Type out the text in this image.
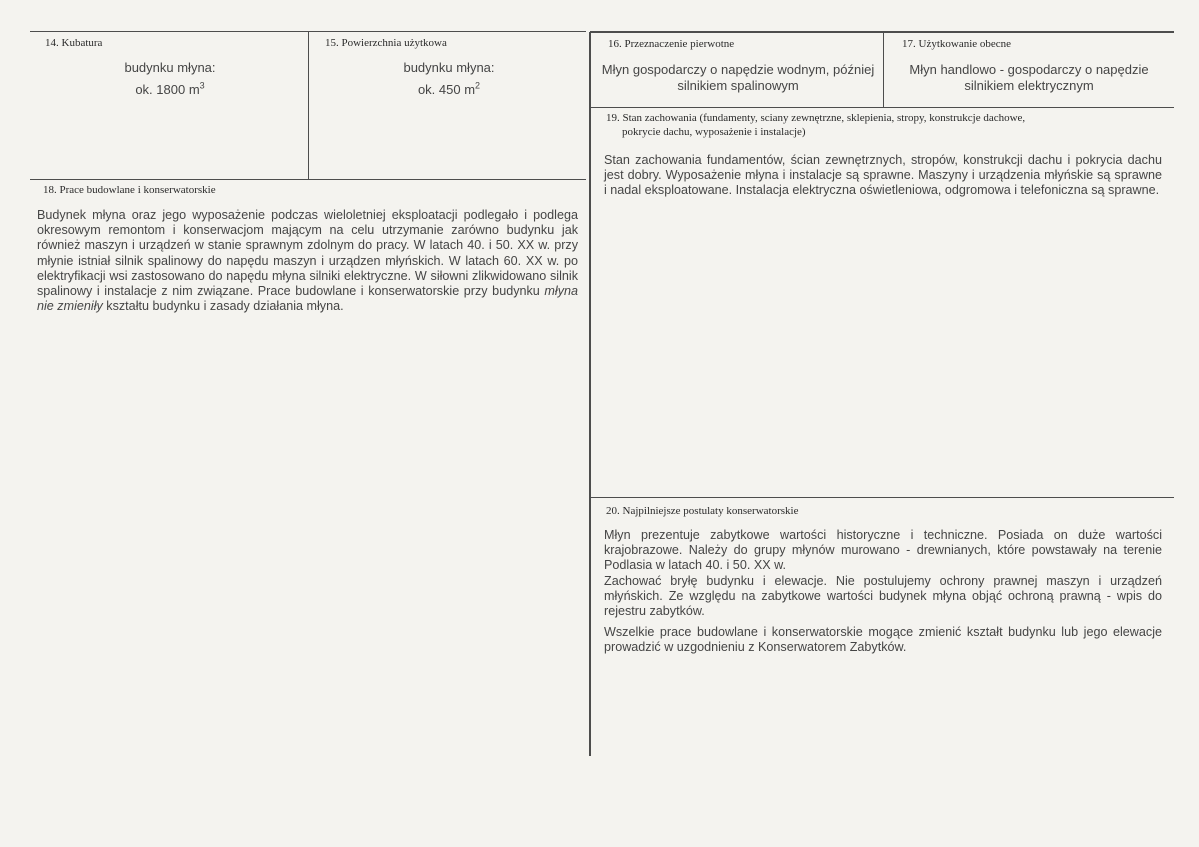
14. Kubatura
budynku młyna:
ok. 1800 $m^3$
15. Powierzchnia użytkowa
budynku młyna:
ok. 450 $m^2$
16. Przeznaczenie pierwotne
Młyn gospodarczy o napędzie wodnym, później silnikiem spalinowym
17. Użytkowanie obecne
Młyn handlowo - gospodarczy o napędzie silnikiem elektrycznym
18. Prace budowlane i konserwatorskie
Budynek młyna oraz jego wyposażenie podczas wieloletniej eksploatacji podlegało i podlega okresowym remontom i konserwacjom mającym na celu utrzymanie zarówno budynku jak również maszyn i urządzeń w stanie sprawnym zdolnym do pracy. W latach 40. i 50. XX w. przy młynie istniał silnik spalinowy do napędu maszyn i urządzen młyńskich. W latach 60. XX w. po elektryfikacji wsi zastosowano do napędu młyna silniki elektryczne. W siłowni zlikwidowano silnik spalinowy i instalacje z nim związane. Prace budowlane i konserwatorskie przy budynku młyna nie zmieniły kształtu budynku i zasady działania młyna.
19. Stan zachowania (fundamenty, sciany zewnętrzne, sklepienia, stropy, konstrukcje dachowe,
pokrycie dachu, wyposażenie i instalacje)
Stan zachowania fundamentów, ścian zewnętrznych, stropów, konstrukcji dachu i pokrycia dachu jest dobry. Wyposażenie młyna i instalacje są sprawne. Maszyny i urządzenia młyńskie są sprawne i nadal eksploatowane. Instalacja elektryczna oświetleniowa, odgromowa i telefoniczna są sprawne.
20. Najpilniejsze postulaty konserwatorskie
Młyn prezentuje zabytkowe wartości historyczne i techniczne. Posiada on duże wartości krajobrazowe. Należy do grupy młynów murowano - drewnianych, które powstawały na terenie Podlasia w latach 40. i 50. XX w.

Zachować bryłę budynku i elewacje. Nie postulujemy ochrony prawnej maszyn i urządzeń młyńskich. Ze względu na zabytkowe wartości budynek młyna objąć ochroną prawną - wpis do rejestru zabytków.

Wszelkie prace budowlane i konserwatorskie mogące zmienić kształt budynku lub jego elewacje prowadzić w uzgodnieniu z Konserwatorem Zabytków.
